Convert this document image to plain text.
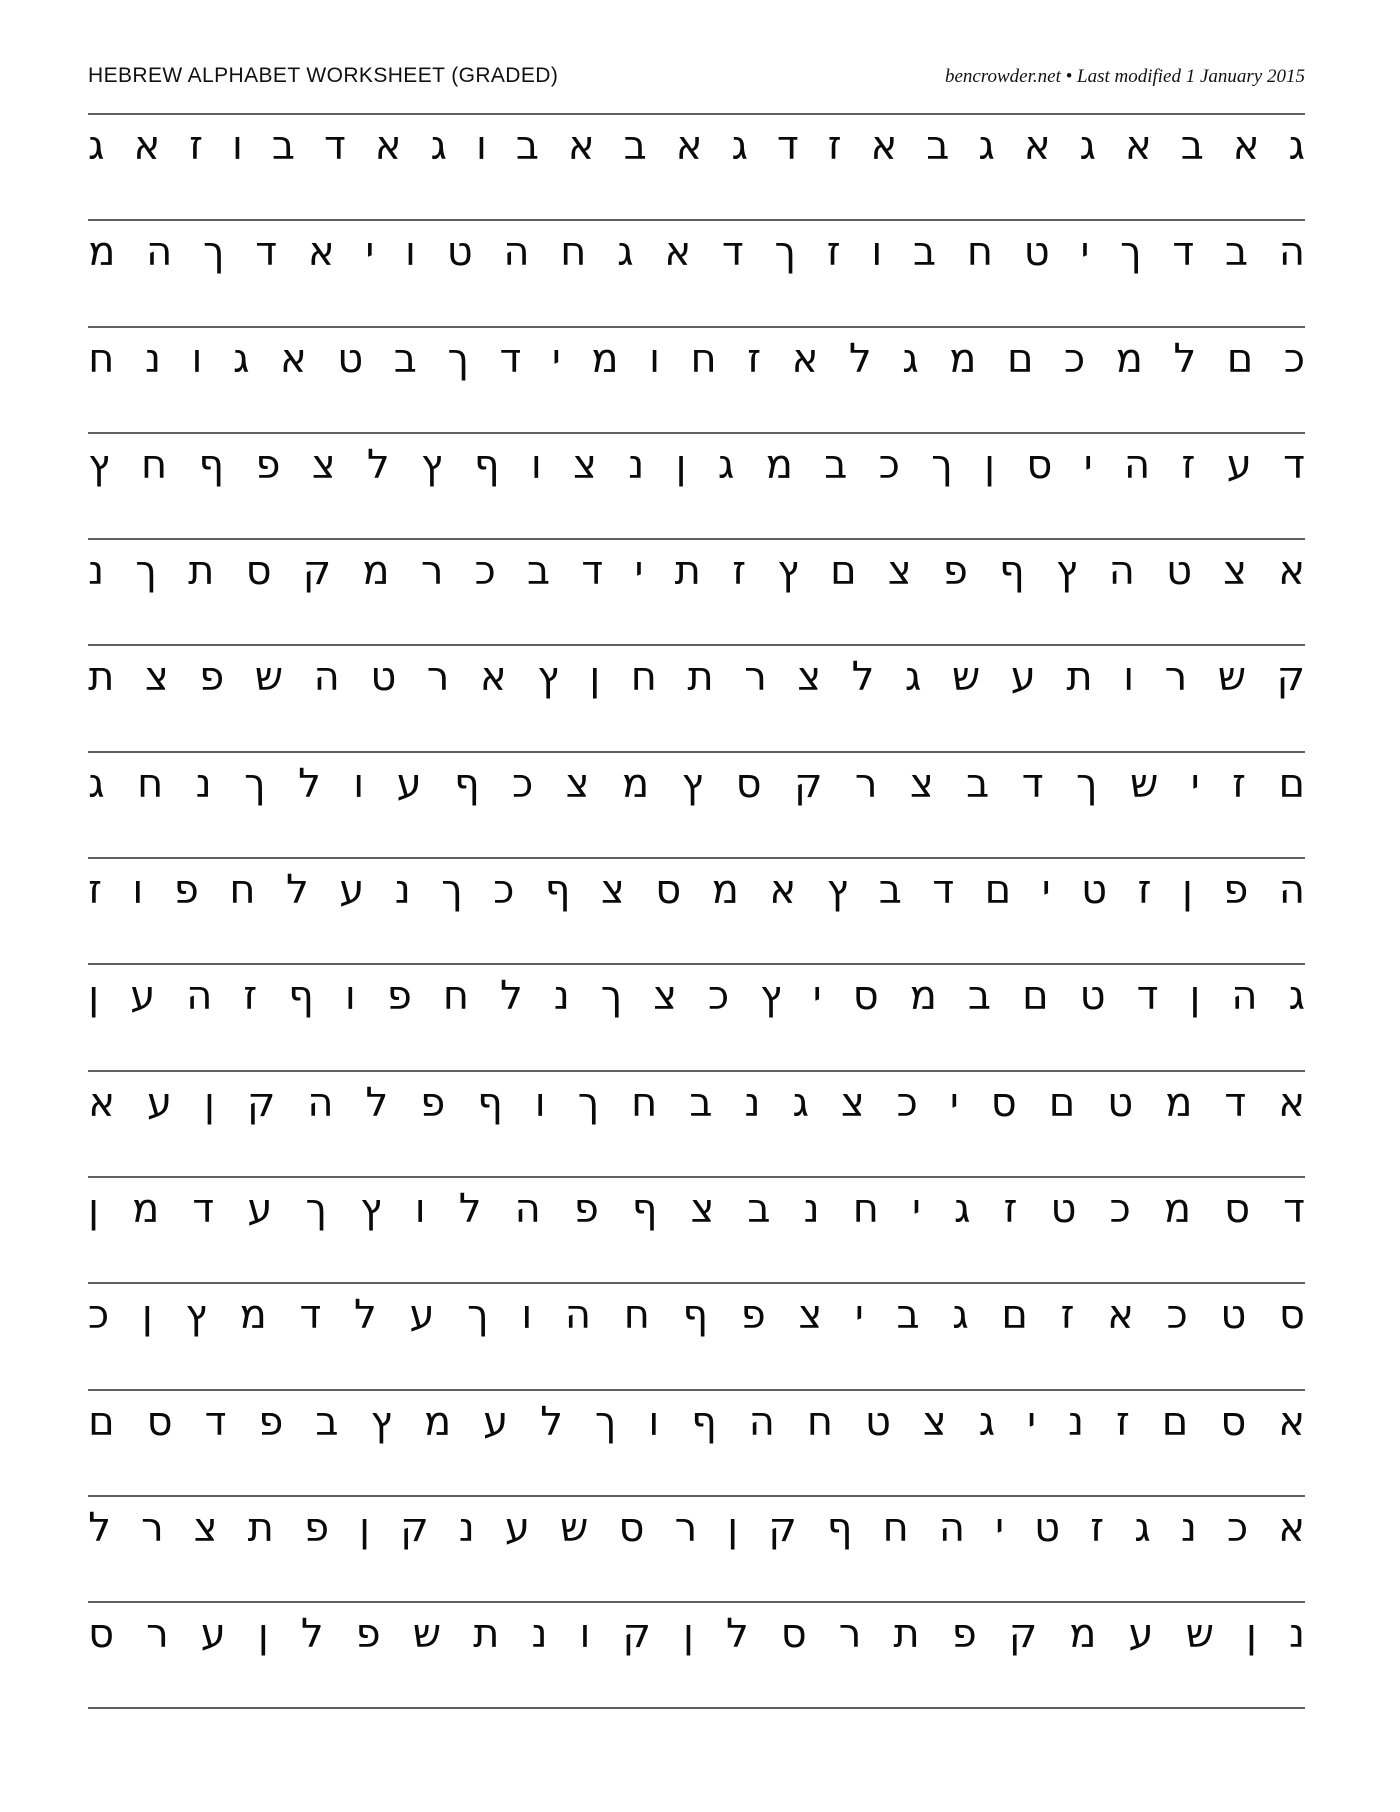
HEBREW ALPHABET WORKSHEET (GRADED)	bencrowder.net • Last modified 1 January 2015
ג
א
ב
א
ג
א
ג
ב
א
ז
ד
ג
א
ב
א
ב
ו
ג
א
ד
ב
ו
ז
א
ג
ה
ב
ד
ך
י
ט
ח
ב
ו
ז
ך
ד
א
ג
ח
ה
ט
ו
י
א
ד
ך
ה
מ
כ
ם
ל
מ
כ
ם
מ
ג
ל
א
ז
ח
ו
מ
י
ד
ך
ב
ט
א
ג
ו
נ
ח
ד
ע
ז
ה
י
ס
ן
ך
כ
ב
מ
ג
ן
נ
צ
ו
ף
ץ
ל
צ
פ
ף
ח
ץ
א
צ
ט
ה
ץ
ף
פ
צ
ם
ץ
ז
ת
י
ד
ב
כ
ר
מ
ק
ס
ת
ך
נ
ק
ש
ר
ו
ת
ע
ש
ג
ל
צ
ר
ת
ח
ן
ץ
א
ר
ט
ה
ש
פ
צ
ת
ם
ז
י
ש
ך
ד
ב
צ
ר
ק
ס
ץ
מ
צ
כ
ף
ע
ו
ל
ך
נ
ח
ג
ה
פ
ן
ז
ט
י
ם
ד
ב
ץ
א
מ
ס
צ
ף
כ
ך
נ
ע
ל
ח
פ
ו
ז
ג
ה
ן
ד
ט
ם
ב
מ
ס
י
ץ
כ
צ
ך
נ
ל
ח
פ
ו
ף
ז
ה
ע
ן
א
ד
מ
ט
ם
ס
י
כ
צ
ג
נ
ב
ח
ך
ו
ף
פ
ל
ה
ק
ן
ע
א
ד
ס
מ
כ
ט
ז
ג
י
ח
נ
ב
צ
ף
פ
ה
ל
ו
ץ
ך
ע
ד
מ
ן
ס
ט
כ
א
ז
ם
ג
ב
י
צ
פ
ף
ח
ה
ו
ך
ע
ל
ד
מ
ץ
ן
כ
א
ס
ם
ז
נ
י
ג
צ
ט
ח
ה
ף
ו
ך
ל
ע
מ
ץ
ב
פ
ד
ס
ם
א
כ
נ
ג
ז
ט
י
ה
ח
ף
ק
ן
ר
ס
ש
ע
נ
ק
ן
פ
ת
צ
ר
ל
נ
ן
ש
ע
מ
ק
פ
ת
ר
ס
ל
ן
ק
ו
נ
ת
ש
פ
ל
ן
ע
ר
ס
